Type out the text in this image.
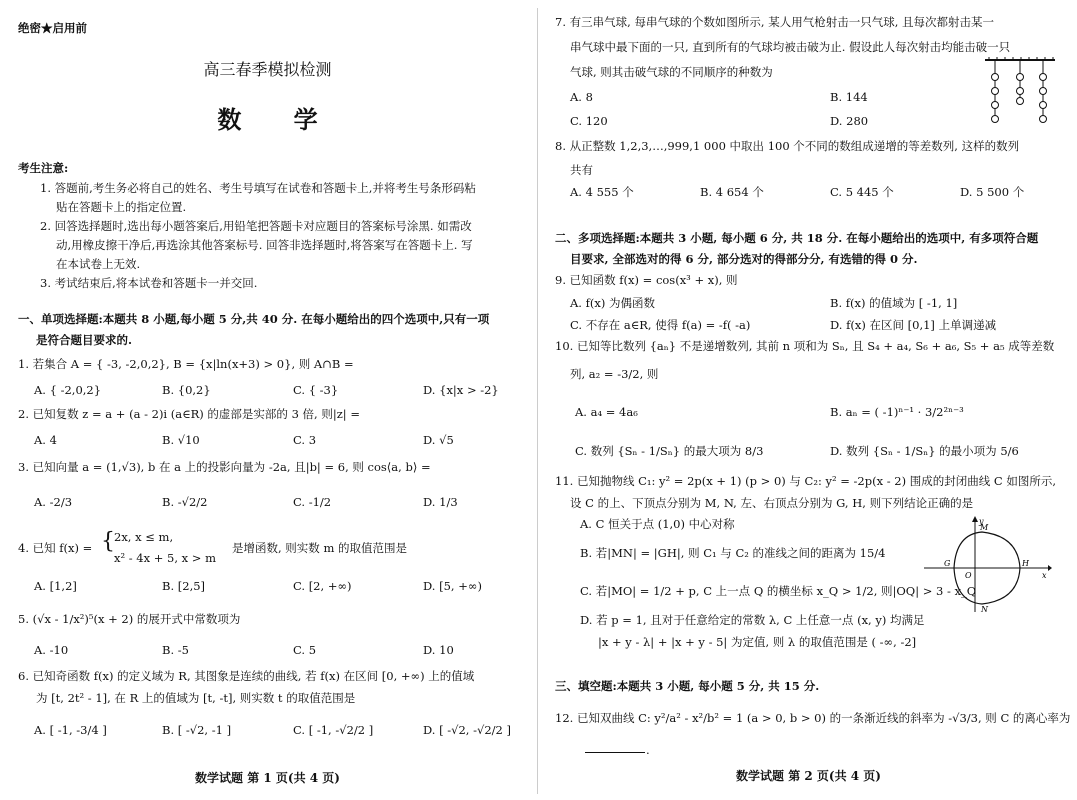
绝密★启用前
高三春季模拟检测
数 学
考生注意:
1. 答题前,考生务必将自己的姓名、考生号填写在试卷和答题卡上,并将考生号条形码粘
贴在答题卡上的指定位置.
2. 回答选择题时,选出每小题答案后,用铅笔把答题卡对应题目的答案标号涂黑. 如需改
动,用橡皮擦干净后,再选涂其他答案标号. 回答非选择题时,将答案写在答题卡上. 写
在本试卷上无效.
3. 考试结束后,将本试卷和答题卡一并交回.
一、单项选择题:本题共 8 小题,每小题 5 分,共 40 分. 在每小题给出的四个选项中,只有一项
是符合题目要求的.
1. 若集合 A = { -3, -2,0,2}, B = {x|ln(x+3) > 0}, 则 A∩B =
A. { -2,0,2}	B. {0,2}	C. { -3}	D. {x|x > -2}
2. 已知复数 z = a + (a - 2)i (a∈R) 的虚部是实部的 3 倍, 则|z| =
A. 4	B. √10	C. 3	D. √5
3. 已知向量 a = (1,√3), b 在 a 上的投影向量为 -2a, 且|b| = 6, 则 cos⟨a, b⟩ =
A. -2/3	B. -√2/2	C. -1/2	D. 1/3
4. 已知 f(x) = { 2x, x ≤ m,
x² - 4x + 5, x > m
是增函数, 则实数 m 的取值范围是
A. [1,2]	B. [2,5]	C. [2, +∞)	D. [5, +∞)
5. (√x - 1/x²)⁵(x + 2) 的展开式中常数项为
A. -10	B. -5	C. 5	D. 10
6. 已知奇函数 f(x) 的定义域为 R, 其图象是连续的曲线, 若 f(x) 在区间 [0, +∞) 上的值域
为 [t, 2t² - 1], 在 R 上的值域为 [t, -t], 则实数 t 的取值范围是
A. [ -1, -3/4 ]	B. [ -√2, -1 ]	C. [ -1, -√2/2 ]	D. [ -√2, -√2/2 ]
数学试题 第 1 页(共 4 页)
7. 有三串气球, 每串气球的个数如图所示, 某人用气枪射击一只气球, 且每次都射击某一
串气球中最下面的一只, 直到所有的气球均被击破为止. 假设此人每次射击均能击破一只
气球, 则其击破气球的不同顺序的种数为
A. 8	B. 144
C. 120	D. 280
8. 从正整数 1,2,3,…,999,1 000 中取出 100 个不同的数组成递增的等差数列, 这样的数列
共有
A. 4 555 个	B. 4 654 个	C. 5 445 个	D. 5 500 个
二、多项选择题:本题共 3 小题, 每小题 6 分, 共 18 分. 在每小题给出的选项中, 有多项符合题
目要求, 全部选对的得 6 分, 部分选对的得部分分, 有选错的得 0 分.
9. 已知函数 f(x) = cos(x³ + x), 则
A. f(x) 为偶函数	B. f(x) 的值域为 [ -1, 1]
C. 不存在 a∈R, 使得 f(a) = -f( -a)	D. f(x) 在区间 [0,1] 上单调递减
10. 已知等比数列 {aₙ} 不是递增数列, 其前 n 项和为 Sₙ, 且 S₄ + a₄, S₆ + a₆, S₅ + a₅ 成等差数
列, a₂ = -3/2, 则
A. a₄ = 4a₆	B. aₙ = ( -1)ⁿ⁻¹ · 3/2²ⁿ⁻³
C. 数列 {Sₙ - 1/Sₙ} 的最大项为 8/3	D. 数列 {Sₙ - 1/Sₙ} 的最小项为 5/6
11. 已知抛物线 C₁: y² = 2p(x + 1) (p > 0) 与 C₂: y² = -2p(x - 2) 围成的封闭曲线 C 如图所示,
设 C 的上、下顶点分别为 M, N, 左、右顶点分别为 G, H, 则下列结论正确的是
A. C 恒关于点 (1,0) 中心对称
B. 若|MN| = |GH|, 则 C₁ 与 C₂ 的准线之间的距离为 15/4
C. 若|MO| = 1/2 + p, C 上一点 Q 的横坐标 x_Q > 1/2, 则|OQ| > 3 - x_Q
D. 若 p = 1, 且对于任意给定的常数 λ, C 上任意一点 (x, y) 均满足
|x + y - λ| + |x + y - 5| 为定值, 则 λ 的取值范围是 ( -∞, -2]
三、填空题:本题共 3 小题, 每小题 5 分, 共 15 分.
12. 已知双曲线 C: y²/a² - x²/b² = 1 (a > 0, b > 0) 的一条渐近线的斜率为 -√3/3, 则 C 的离心率为
.
数学试题 第 2 页(共 4 页)
y
M
G
O
H
x
N
